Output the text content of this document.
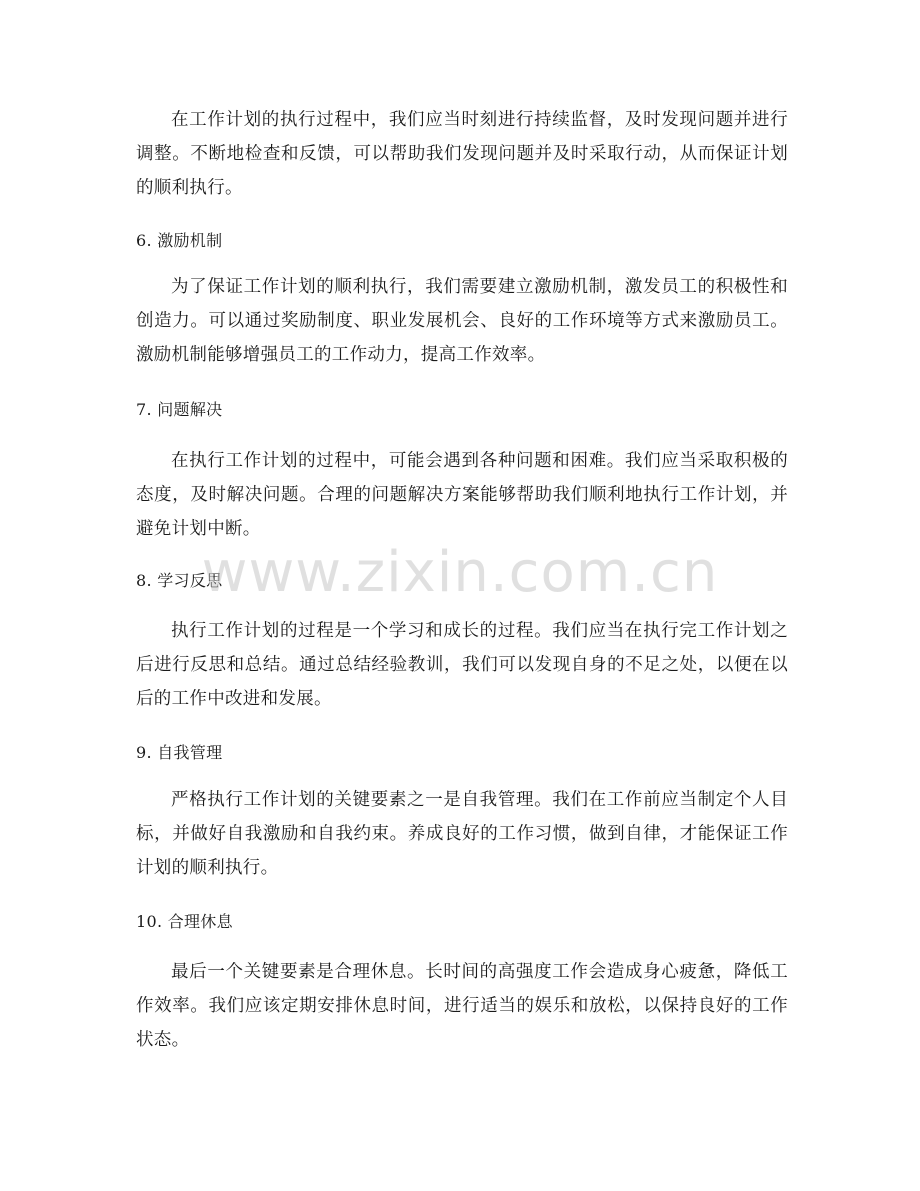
在工作计划的执行过程中，我们应当时刻进行持续监督，及时发现问题并进行调整。不断地检查和反馈，可以帮助我们发现问题并及时采取行动，从而保证计划的顺利执行。

6. 激励机制

为了保证工作计划的顺利执行，我们需要建立激励机制，激发员工的积极性和创造力。可以通过奖励制度、职业发展机会、良好的工作环境等方式来激励员工。激励机制能够增强员工的工作动力，提高工作效率。

7. 问题解决

在执行工作计划的过程中，可能会遇到各种问题和困难。我们应当采取积极的态度，及时解决问题。合理的问题解决方案能够帮助我们顺利地执行工作计划，并避免计划中断。

8. 学习反思

执行工作计划的过程是一个学习和成长的过程。我们应当在执行完工作计划之后进行反思和总结。通过总结经验教训，我们可以发现自身的不足之处，以便在以后的工作中改进和发展。

9. 自我管理

严格执行工作计划的关键要素之一是自我管理。我们在工作前应当制定个人目标，并做好自我激励和自我约束。养成良好的工作习惯，做到自律，才能保证工作计划的顺利执行。

10. 合理休息

最后一个关键要素是合理休息。长时间的高强度工作会造成身心疲惫，降低工作效率。我们应该定期安排休息时间，进行适当的娱乐和放松，以保持良好的工作状态。

www.zixin.com.cn
